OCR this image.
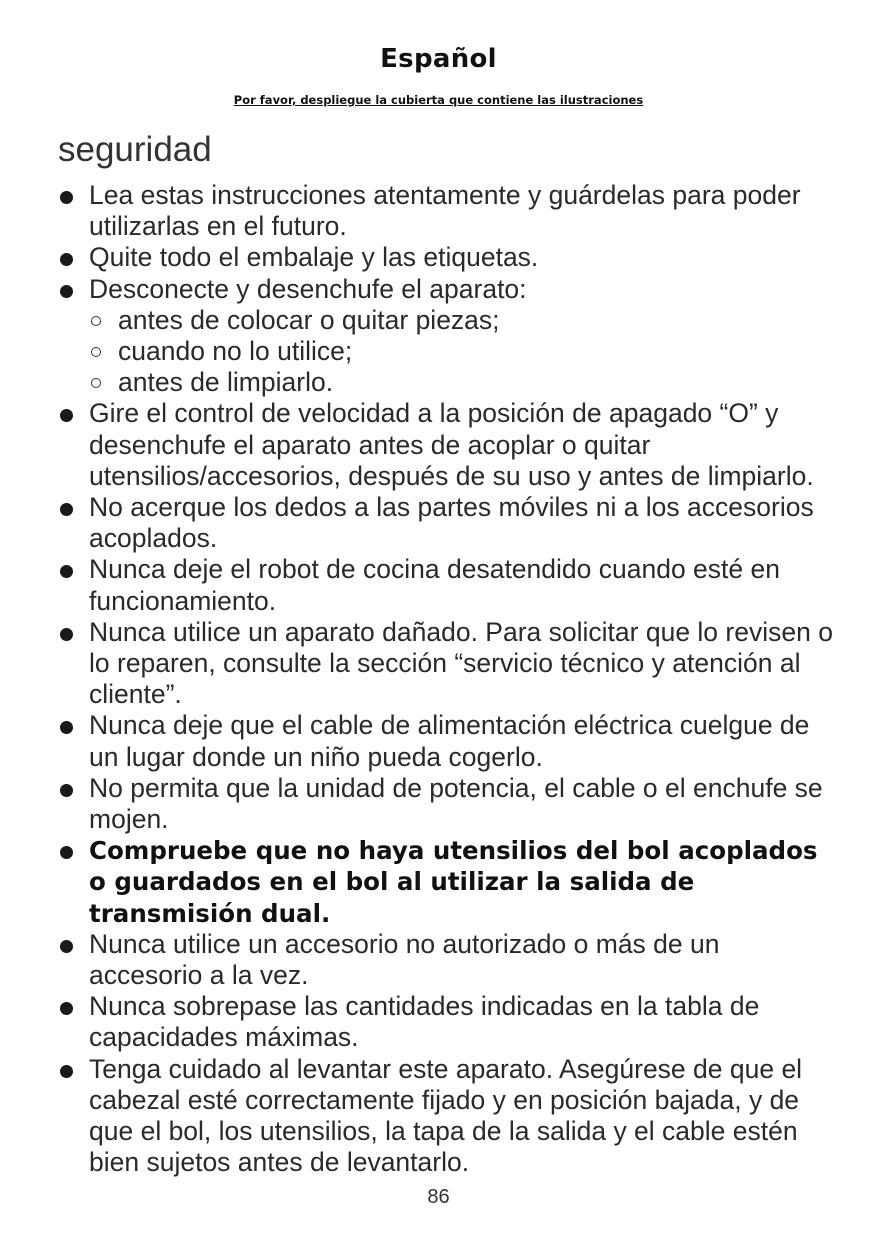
Español
Por favor, despliegue la cubierta que contiene las ilustraciones
seguridad
Lea estas instrucciones atentamente y guárdelas para poder utilizarlas en el futuro.
Quite todo el embalaje y las etiquetas.
Desconecte y desenchufe el aparato:
antes de colocar o quitar piezas;
cuando no lo utilice;
antes de limpiarlo.
Gire el control de velocidad a la posición de apagado “O” y desenchufe el aparato antes de acoplar o quitar utensilios/accesorios, después de su uso y antes de limpiarlo.
No acerque los dedos a las partes móviles ni a los accesorios acoplados.
Nunca deje el robot de cocina desatendido cuando esté en funcionamiento.
Nunca utilice un aparato dañado. Para solicitar que lo revisen o lo reparen, consulte la sección “servicio técnico y atención al cliente”.
Nunca deje que el cable de alimentación eléctrica cuelgue de un lugar donde un niño pueda cogerlo.
No permita que la unidad de potencia, el cable o el enchufe se mojen.
Compruebe que no haya utensilios del bol acoplados o guardados en el bol al utilizar la salida de transmisión dual.
Nunca utilice un accesorio no autorizado o más de un accesorio a la vez.
Nunca sobrepase las cantidades indicadas en la tabla de capacidades máximas.
Tenga cuidado al levantar este aparato. Asegúrese de que el cabezal esté correctamente fijado y en posición bajada, y de que el bol, los utensilios, la tapa de la salida y el cable estén bien sujetos antes de levantarlo.
86
